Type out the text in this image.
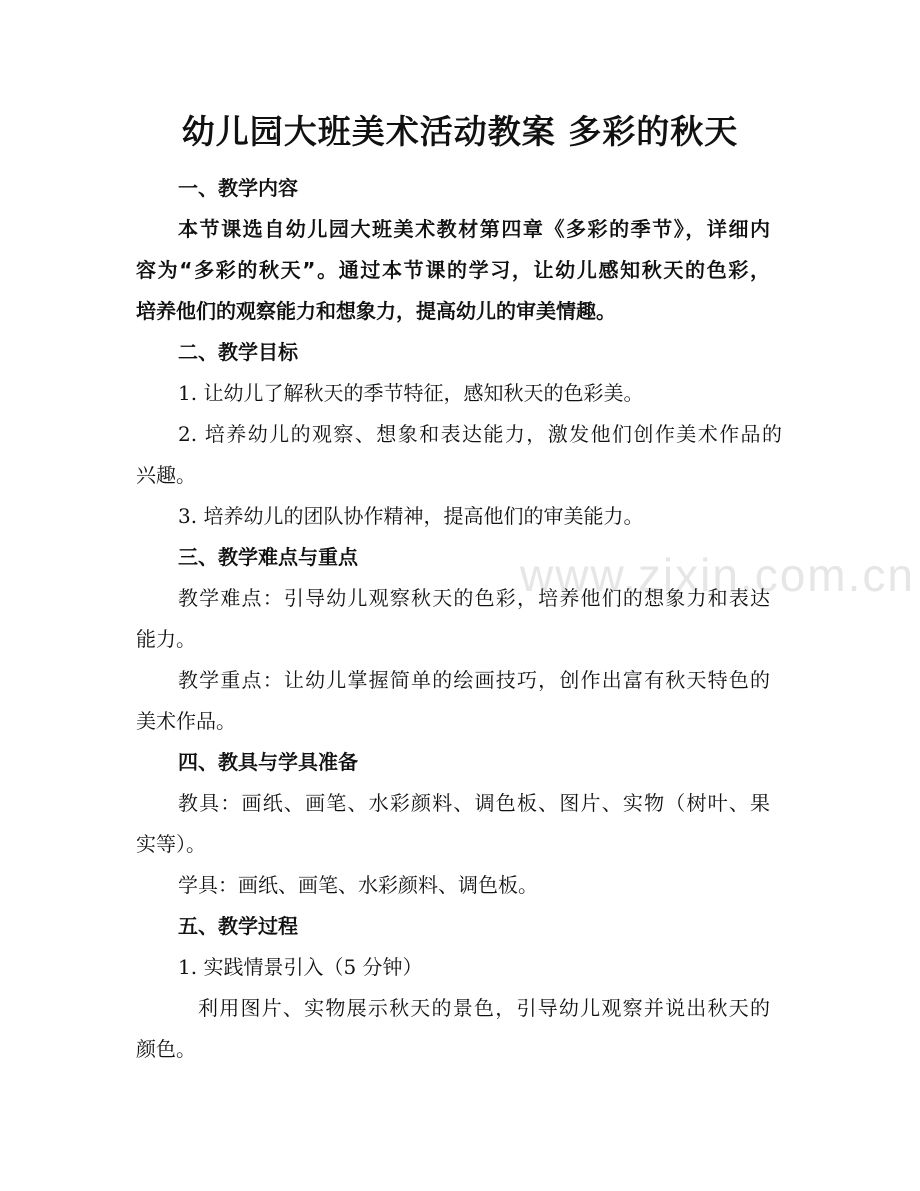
www.zixin.com.cn
幼儿园大班美术活动教案 多彩的秋天
一、教学内容
本节课选自幼儿园大班美术教材第四章《多彩的季节》，详细内
容为“多彩的秋天”。通过本节课的学习，让幼儿感知秋天的色彩，
培养他们的观察能力和想象力，提高幼儿的审美情趣。
二、教学目标
1. 让幼儿了解秋天的季节特征，感知秋天的色彩美。
2. 培养幼儿的观察、想象和表达能力，激发他们创作美术作品的
兴趣。
3. 培养幼儿的团队协作精神，提高他们的审美能力。
三、教学难点与重点
教学难点：引导幼儿观察秋天的色彩，培养他们的想象力和表达
能力。
教学重点：让幼儿掌握简单的绘画技巧，创作出富有秋天特色的
美术作品。
四、教具与学具准备
教具：画纸、画笔、水彩颜料、调色板、图片、实物（树叶、果
实等）。
学具：画纸、画笔、水彩颜料、调色板。
五、教学过程
1. 实践情景引入（5 分钟）
利用图片、实物展示秋天的景色，引导幼儿观察并说出秋天的
颜色。
